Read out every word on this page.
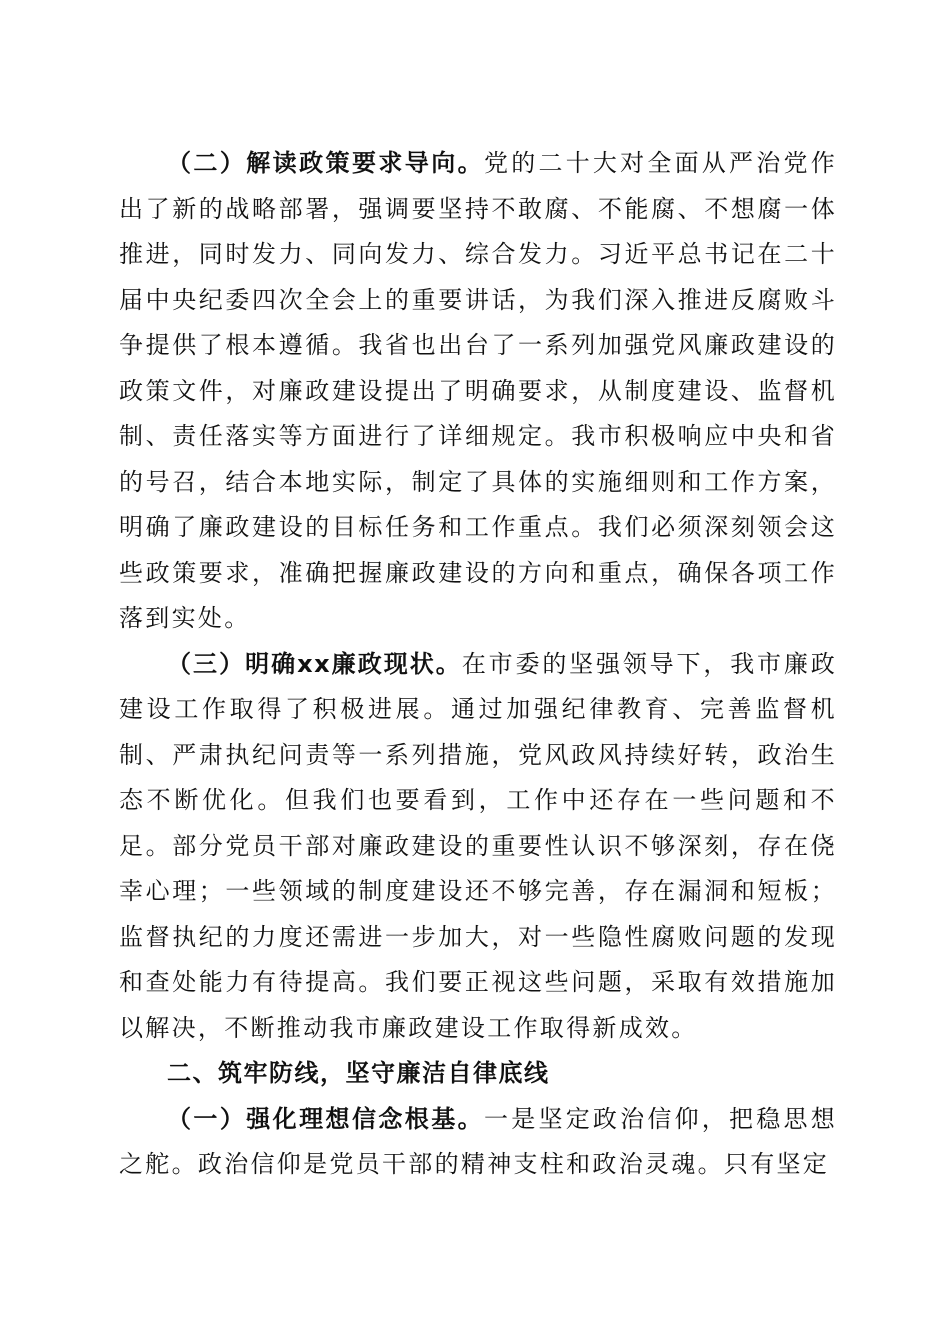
（二）解读政策要求导向。党的二十大对全面从严治党作出了新的战略部署，强调要坚持不敢腐、不能腐、不想腐一体推进，同时发力、同向发力、综合发力。习近平总书记在二十届中央纪委四次全会上的重要讲话，为我们深入推进反腐败斗争提供了根本遵循。我省也出台了一系列加强党风廉政建设的政策文件，对廉政建设提出了明确要求，从制度建设、监督机制、责任落实等方面进行了详细规定。我市积极响应中央和省的号召，结合本地实际，制定了具体的实施细则和工作方案，明确了廉政建设的目标任务和工作重点。我们必须深刻领会这些政策要求，准确把握廉政建设的方向和重点，确保各项工作落到实处。

（三）明确xx廉政现状。在市委的坚强领导下，我市廉政建设工作取得了积极进展。通过加强纪律教育、完善监督机制、严肃执纪问责等一系列措施，党风政风持续好转，政治生态不断优化。但我们也要看到，工作中还存在一些问题和不足。部分党员干部对廉政建设的重要性认识不够深刻，存在侥幸心理；一些领域的制度建设还不够完善，存在漏洞和短板；监督执纪的力度还需进一步加大，对一些隐性腐败问题的发现和查处能力有待提高。我们要正视这些问题，采取有效措施加以解决，不断推动我市廉政建设工作取得新成效。

二、筑牢防线，坚守廉洁自律底线

（一）强化理想信念根基。一是坚定政治信仰，把稳思想之舵。政治信仰是党员干部的精神支柱和政治灵魂。只有坚定
